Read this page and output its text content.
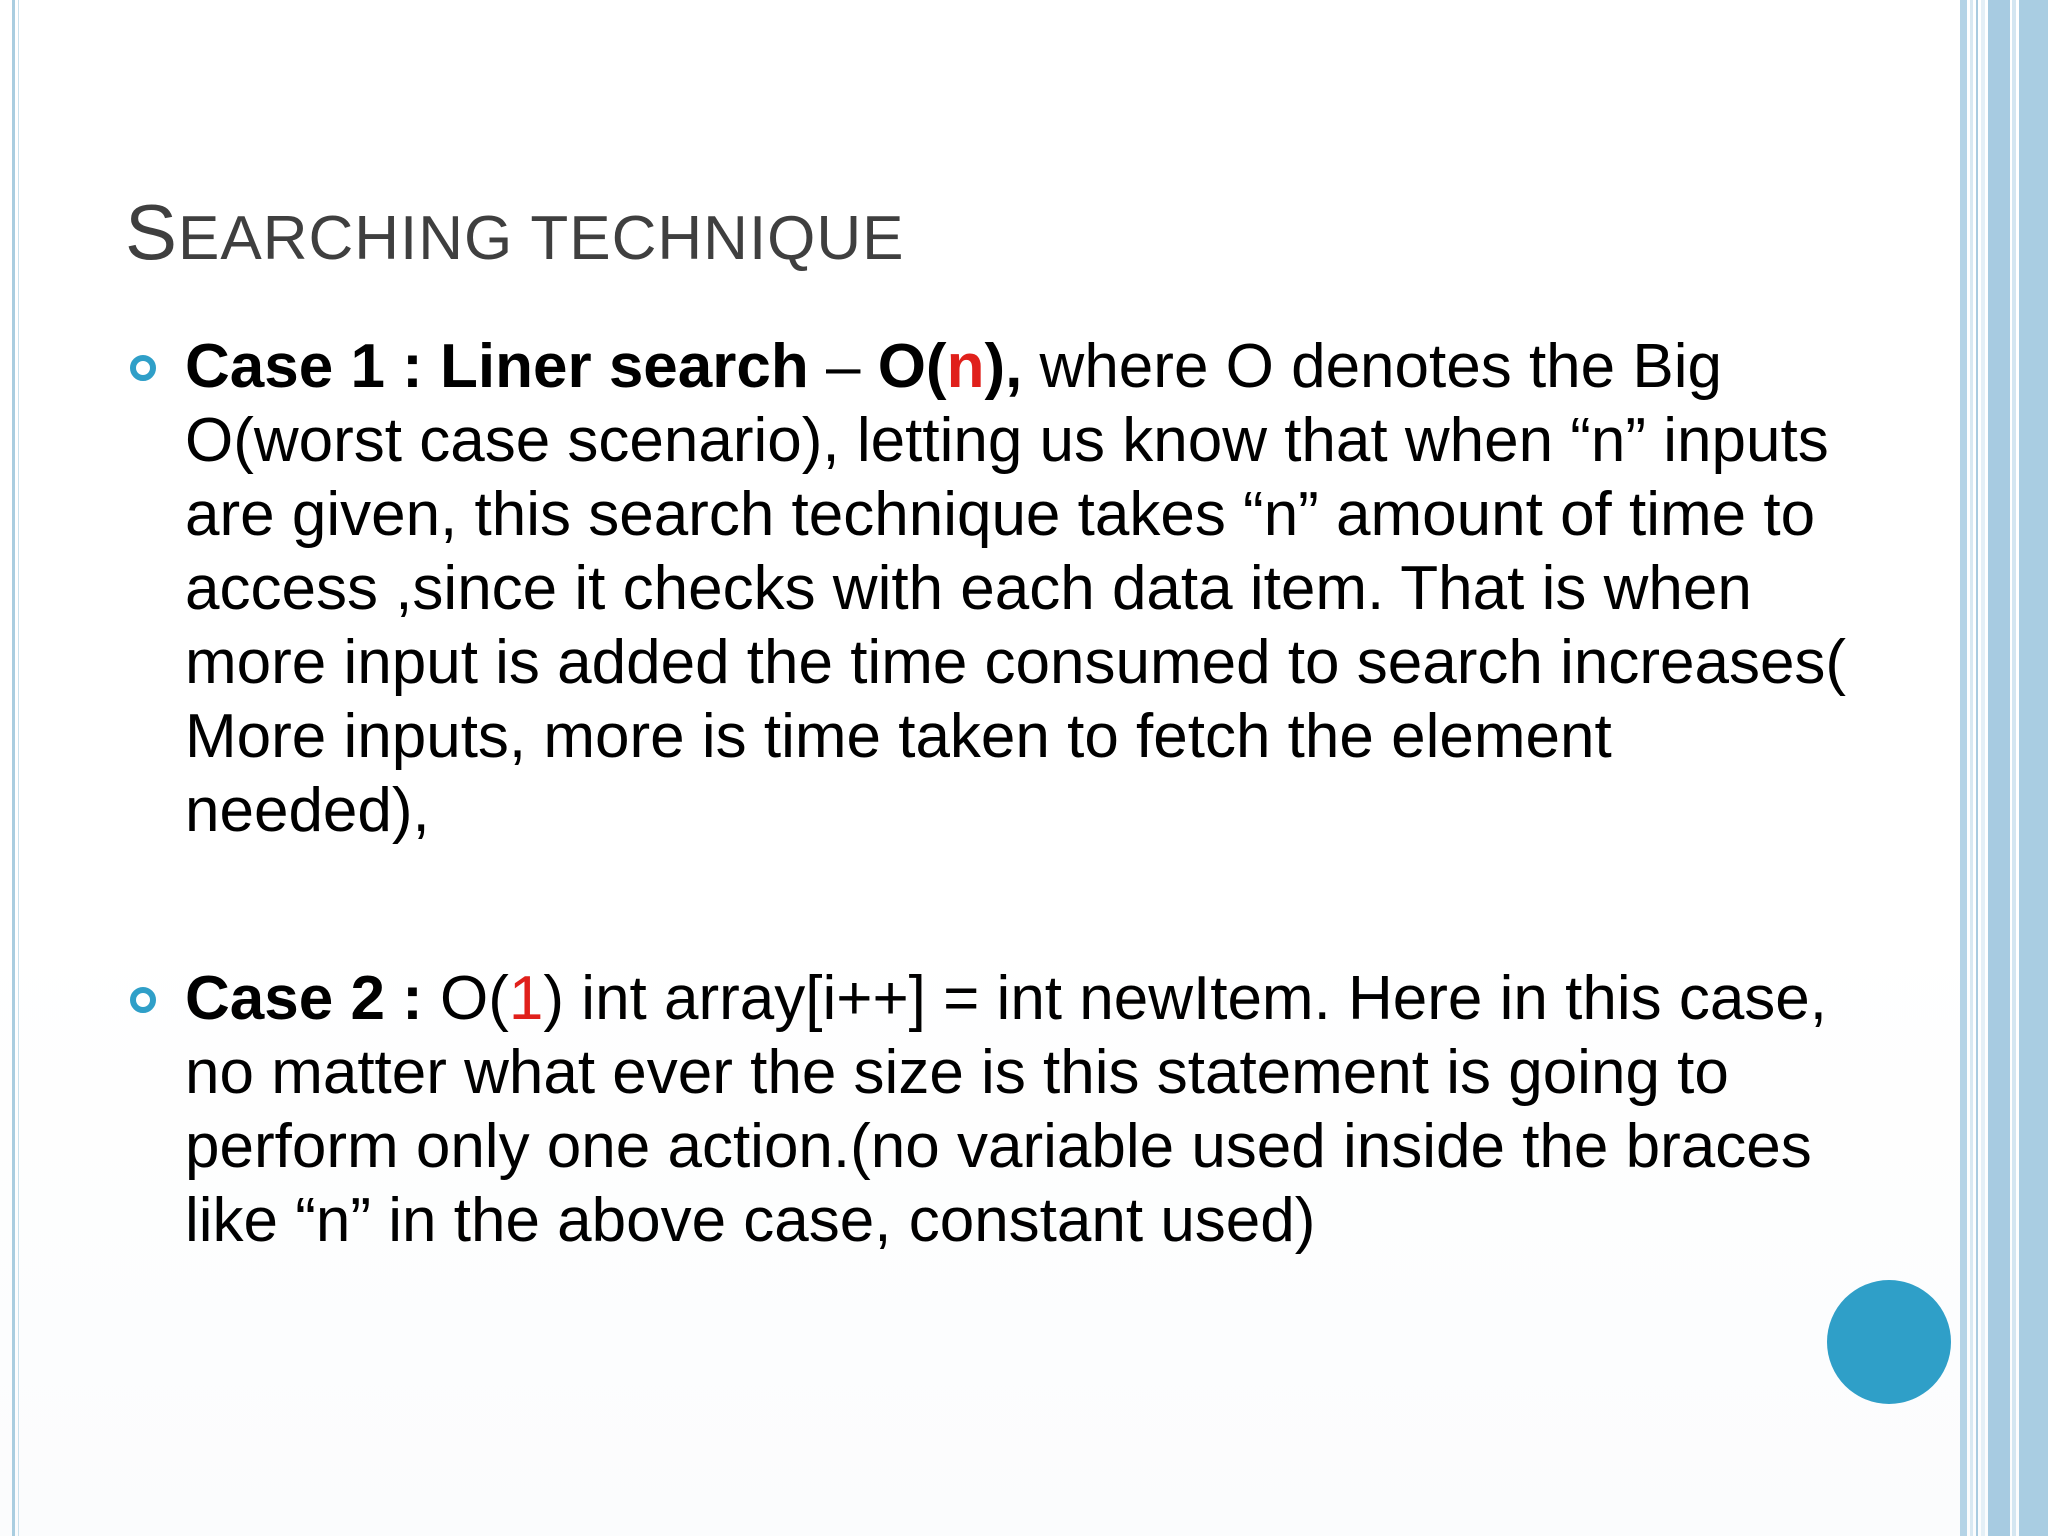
SEARCHING TECHNIQUE
Case 1 : Liner search – O(n), where O denotes the Big O(worst case scenario), letting us know that when “n” inputs are given, this search technique takes “n” amount of time to access ,since it checks with each data item. That is when more input is added the time consumed to search increases( More inputs, more is time taken to fetch the element needed),
Case 2 : O(1) int array[i++] = int newItem. Here in this case, no matter what ever the size is this statement is going to perform only one action.(no variable used inside the braces like “n” in the above case, constant used)
